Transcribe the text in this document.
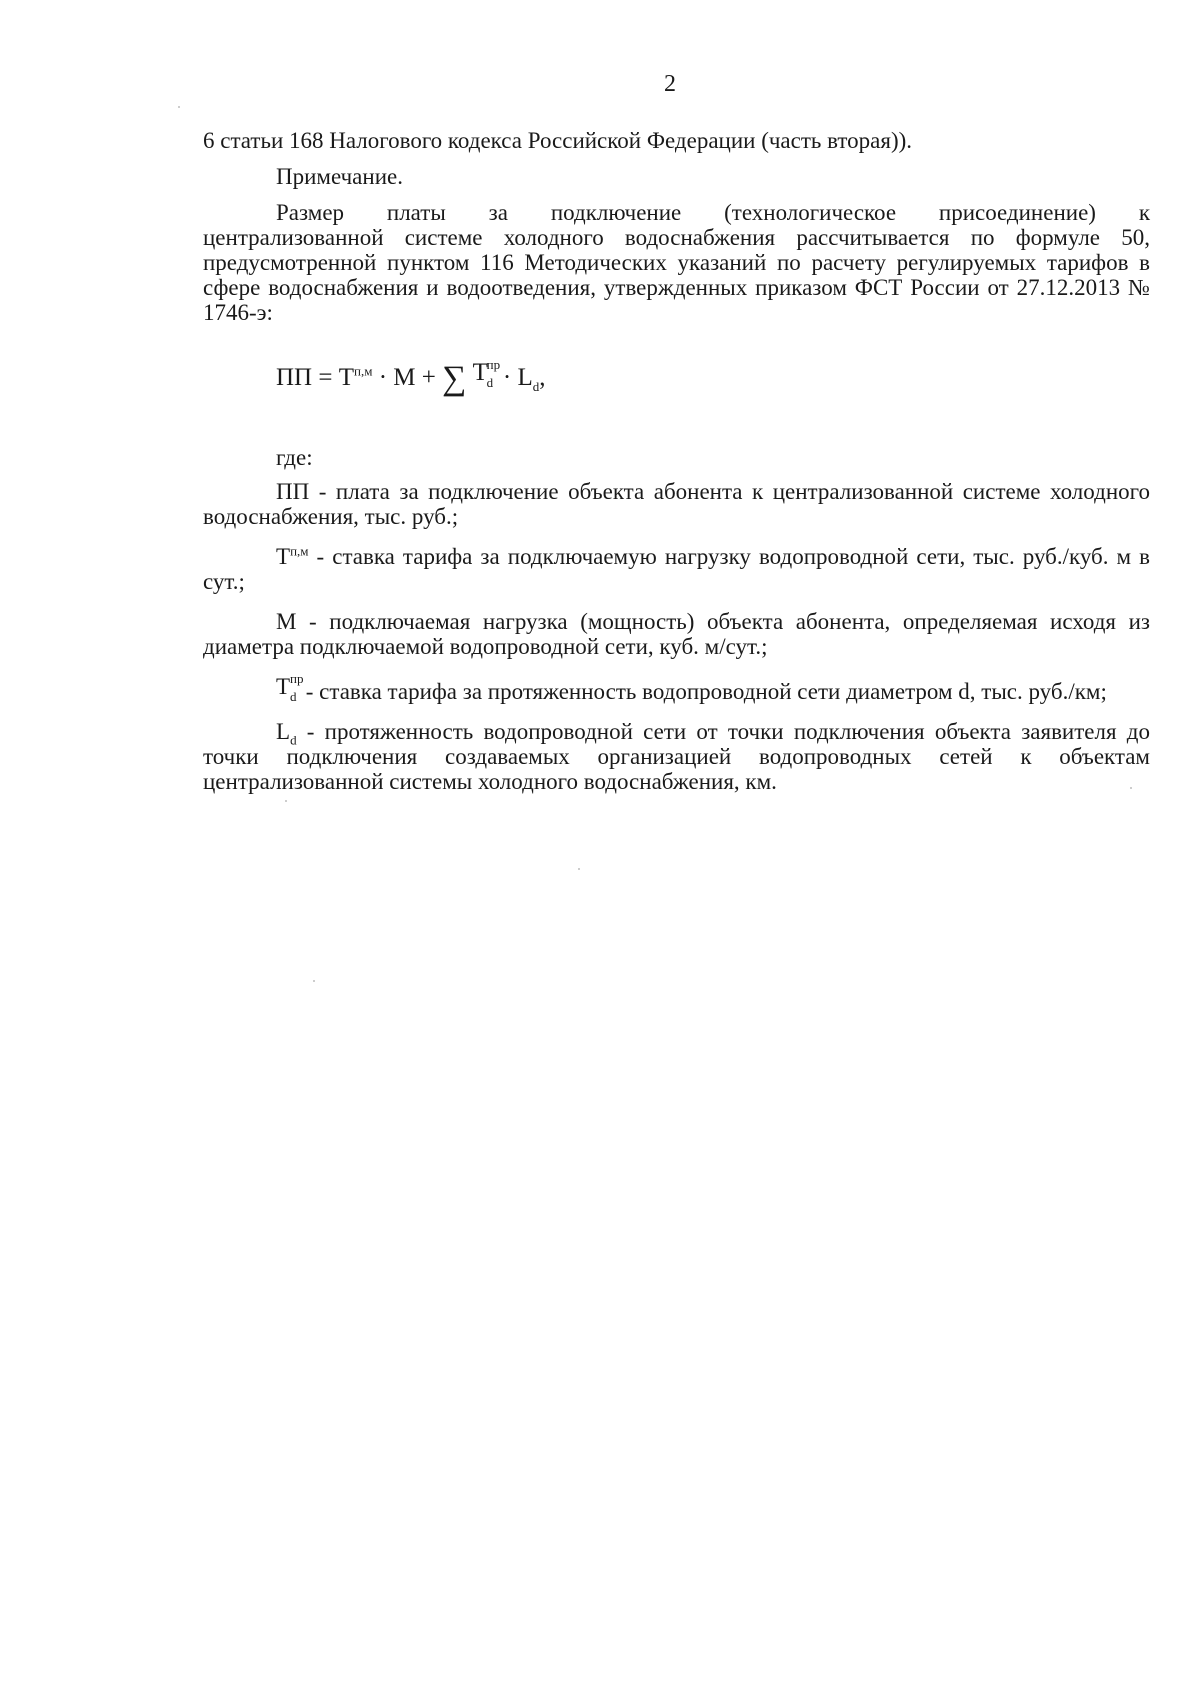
2

6 статьи 168 Налогового кодекса Российской Федерации (часть вторая)).

Примечание.

Размер платы за подключение (технологическое присоединение) к
централизованной системе холодного водоснабжения рассчитывается по формуле 50, предусмотренной пунктом 116 Методических указаний по расчету регулируемых тарифов в сфере водоснабжения и водоотведения, утвержденных приказом ФСТ России от 27.12.2013 № 1746-э:

ПП = $T^{п,м} \cdot M$ + ∑ T
пр
$d \cdot L_d$,
где:

ПП - плата за подключение объекта абонента к централизованной системе холодного водоснабжения, тыс. руб.;

$T^{п,м}$ - ставка тарифа за подключаемую нагрузку водопроводной сети, тыс. руб./куб. м в сут.;

М - подключаемая нагрузка (мощность) объекта абонента, определяемая исходя из диаметра подключаемой водопроводной сети, куб. м/сут.;

T пр
d - ставка тарифа за протяженность водопроводной сети диаметром d, тыс. руб./км;

$L_d$ - протяженность водопроводной сети от точки подключения объекта заявителя до точки подключения создаваемых организацией водопроводных сетей к объектам централизованной системы холодного водоснабжения, км.
